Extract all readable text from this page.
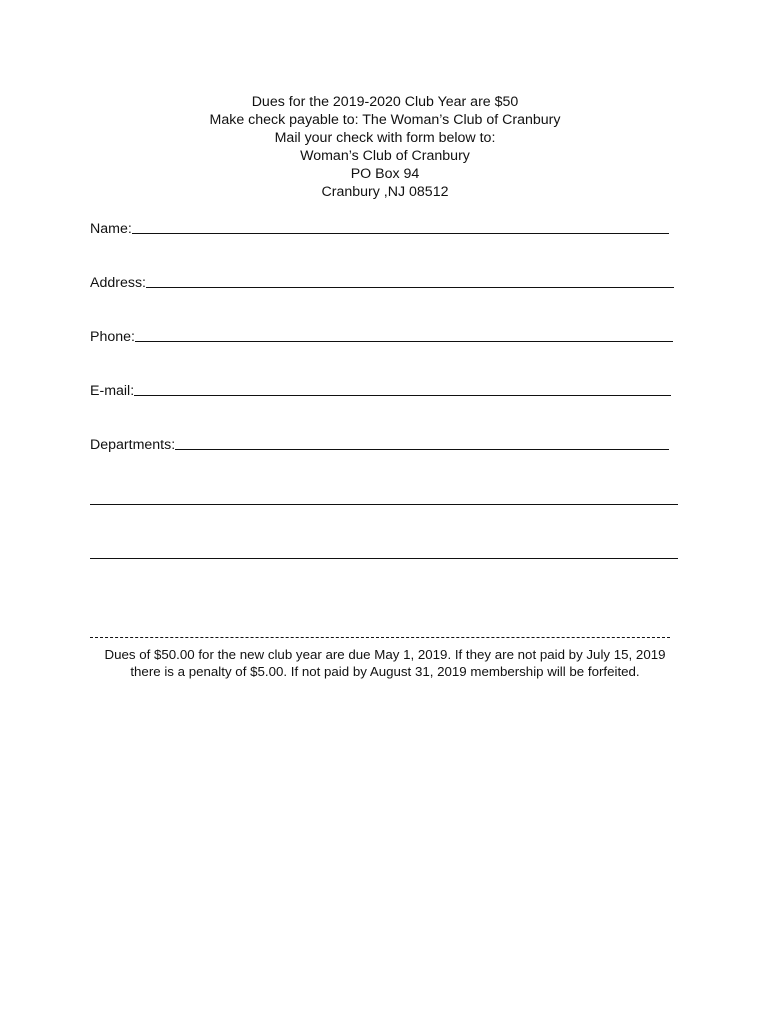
Dues for the 2019-2020 Club Year are $50
Make check payable to: The Woman’s Club of Cranbury
Mail your check with form below to:
Woman’s Club of Cranbury
PO Box 94
Cranbury ,NJ 08512
Name:
Address:
Phone:
E-mail:
Departments:
Dues of $50.00 for the new club year are due May 1, 2019. If they are not paid by July 15, 2019
there is a penalty of $5.00. If not paid by August 31, 2019 membership will be forfeited.
